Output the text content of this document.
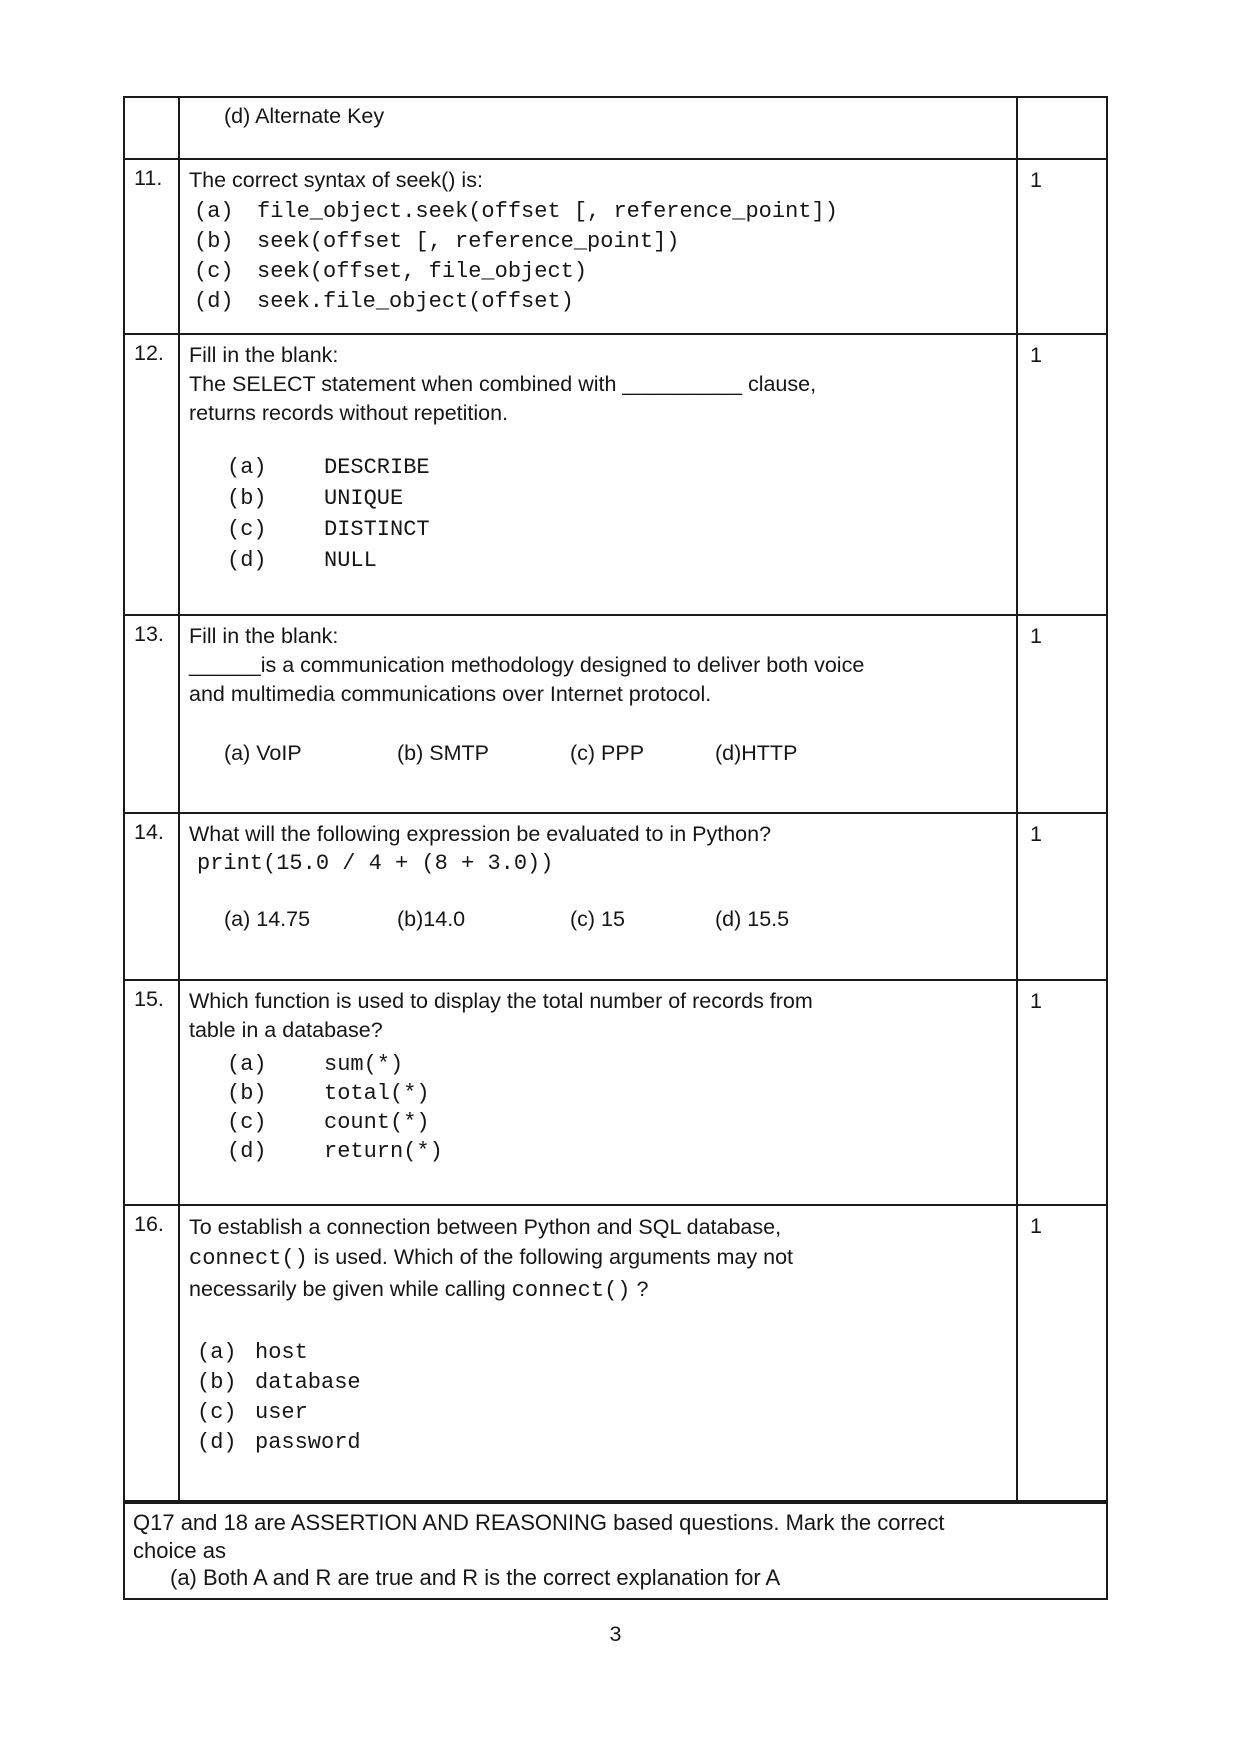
(d) Alternate Key
11.	The correct syntax of seek() is:
(a) file_object.seek(offset [, reference_point])
(b) seek(offset [, reference_point])
(c) seek(offset, file_object)
(d) seek.file_object(offset)
1
12.	Fill in the blank:
The SELECT statement when combined with __________ clause,
returns records without repetition.
(a)	DESCRIBE
(b)	UNIQUE
(c)	DISTINCT
(d)	NULL
1
13.	Fill in the blank:
______is a communication methodology designed to deliver both voice
and multimedia communications over Internet protocol.
(a) VoIP	(b) SMTP	(c) PPP	(d)HTTP
1
14.	What will the following expression be evaluated to in Python?
print(15.0 / 4 + (8 + 3.0))
(a) 14.75	(b)14.0	(c) 15	(d) 15.5
1
15.	Which function is used to display the total number of records from
table in a database?
(a)	sum(*)
(b)	total(*)
(c)	count(*)
(d)	return(*)
1
16.	To establish a connection between Python and SQL database,
connect() is used. Which of the following arguments may not
necessarily be given while calling connect() ?
(a) host
(b) database
(c) user
(d) password
1
Q17 and 18 are ASSERTION AND REASONING based questions. Mark the correct
choice as
(a) Both A and R are true and R is the correct explanation for A
3
